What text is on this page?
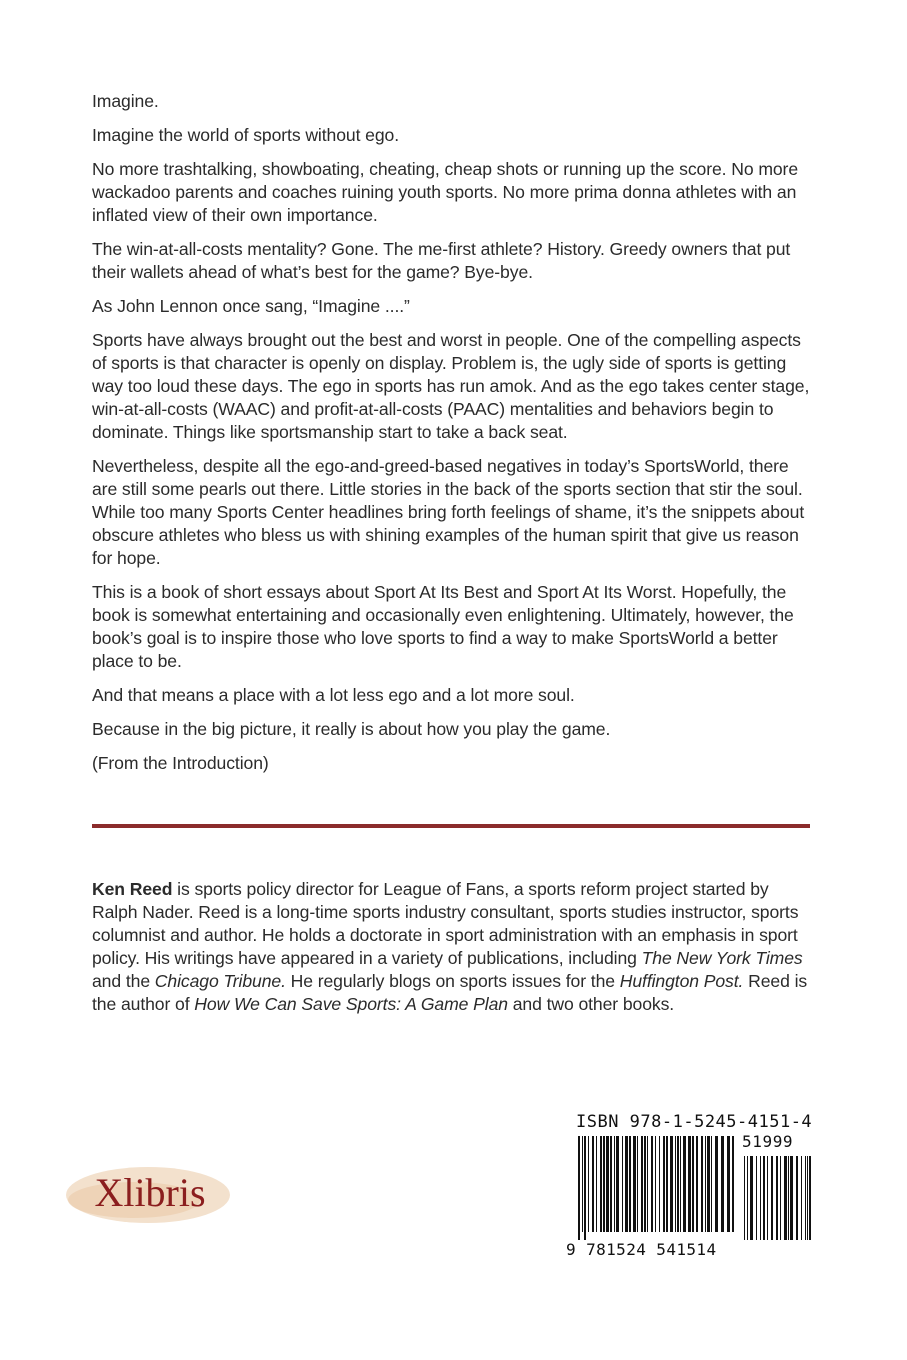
Imagine.

Imagine the world of sports without ego.

No more trashtalking, showboating, cheating, cheap shots or running up the score. No more wackadoo parents and coaches ruining youth sports. No more prima donna athletes with an inflated view of their own importance.

The win-at-all-costs mentality? Gone. The me-first athlete? History. Greedy owners that put their wallets ahead of what’s best for the game? Bye-bye.

As John Lennon once sang, “Imagine ....”

Sports have always brought out the best and worst in people. One of the compelling aspects of sports is that character is openly on display. Problem is, the ugly side of sports is getting way too loud these days. The ego in sports has run amok. And as the ego takes center stage, win-at-all-costs (WAAC) and profit-at-all-costs (PAAC) mentalities and behaviors begin to dominate. Things like sportsmanship start to take a back seat.

Nevertheless, despite all the ego-and-greed-based negatives in today’s SportsWorld, there are still some pearls out there. Little stories in the back of the sports section that stir the soul. While too many Sports Center headlines bring forth feelings of shame, it’s the snippets about obscure athletes who bless us with shining examples of the human spirit that give us reason for hope.

This is a book of short essays about Sport At Its Best and Sport At Its Worst. Hopefully, the book is somewhat entertaining and occasionally even enlightening. Ultimately, however, the book’s goal is to inspire those who love sports to find a way to make SportsWorld a better place to be.

And that means a place with a lot less ego and a lot more soul.

Because in the big picture, it really is about how you play the game.

(From the Introduction)

Ken Reed is sports policy director for League of Fans, a sports reform project started by Ralph Nader. Reed is a long-time sports industry consultant, sports studies instructor, sports columnist and author. He holds a doctorate in sport administration with an emphasis in sport policy. His writings have appeared in a variety of publications, including The New York Times and the Chicago Tribune. He regularly blogs on sports issues for the Huffington Post. Reed is the author of How We Can Save Sports: A Game Plan and two other books.

Xlibris
ISBN 978-1-5245-4151-4
51999
9 781524 541514
